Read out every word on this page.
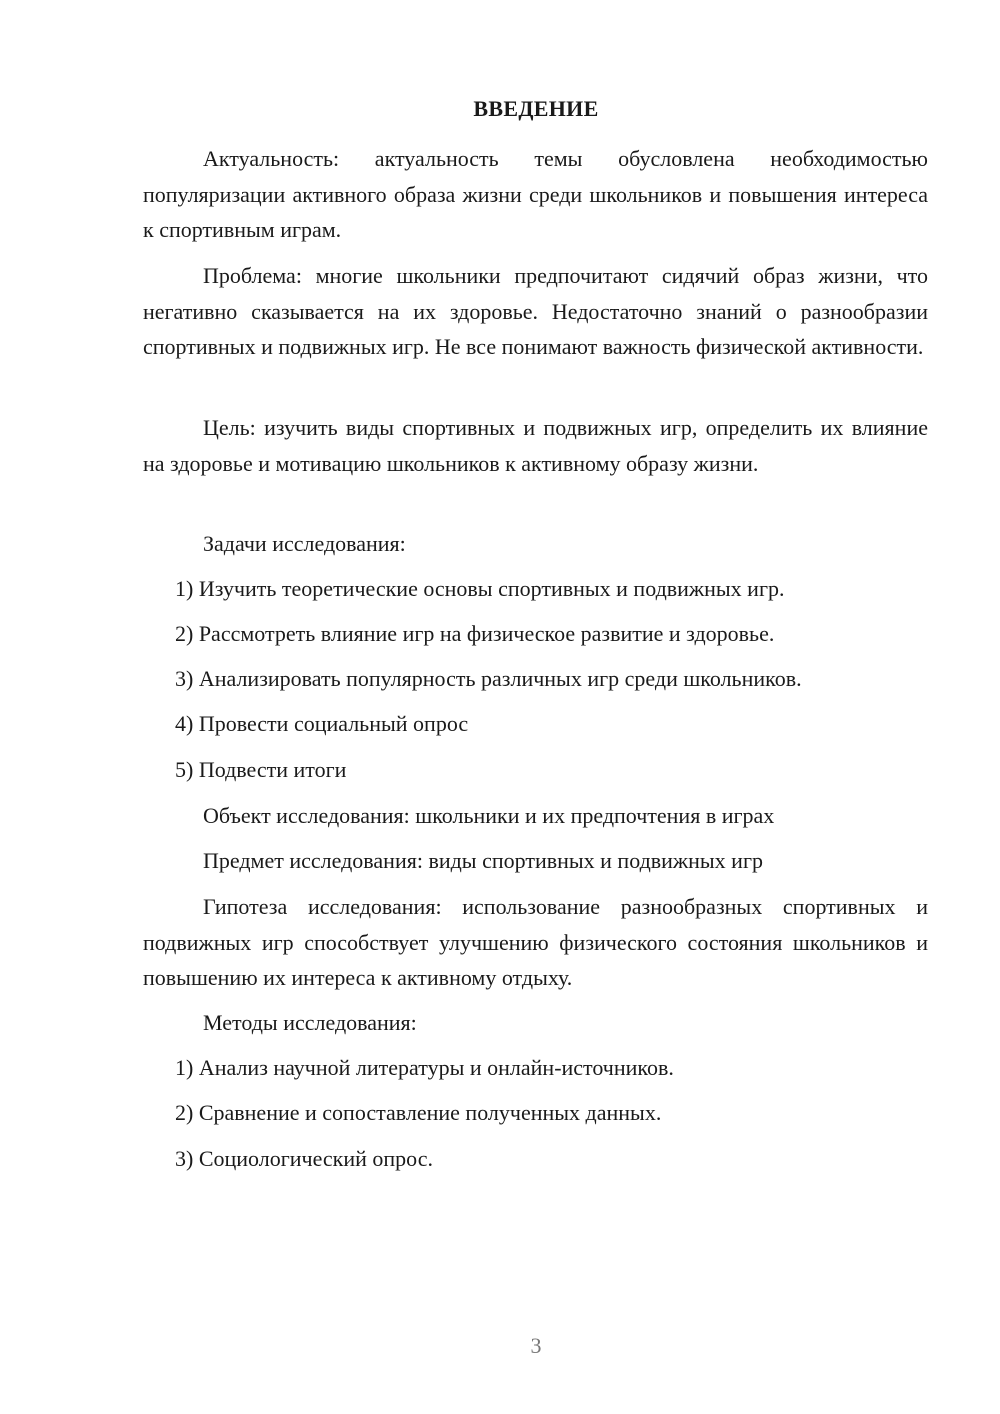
ВВЕДЕНИЕ
Актуальность: актуальность темы обусловлена необходимостью популяризации активного образа жизни среди школьников и повышения интереса к спортивным играм.
Проблема: многие школьники предпочитают сидячий образ жизни, что негативно сказывается на их здоровье. Недостаточно знаний о разнообразии спортивных и подвижных игр. Не все понимают важность физической активности.
Цель: изучить виды спортивных и подвижных игр, определить их влияние на здоровье и мотивацию школьников к активному образу жизни.
Задачи исследования:
1) Изучить теоретические основы спортивных и подвижных игр.
2) Рассмотреть влияние игр на физическое развитие и здоровье.
3) Анализировать популярность различных игр среди школьников.
4) Провести социальный опрос
5) Подвести итоги
Объект исследования: школьники и их предпочтения в играх
Предмет исследования: виды спортивных и подвижных игр
Гипотеза исследования: использование разнообразных спортивных и подвижных игр способствует улучшению физического состояния школьников и повышению их интереса к активному отдыху.
Методы исследования:
1) Анализ научной литературы и онлайн-источников.
2) Сравнение и сопоставление полученных данных.
3) Социологический опрос.
3
